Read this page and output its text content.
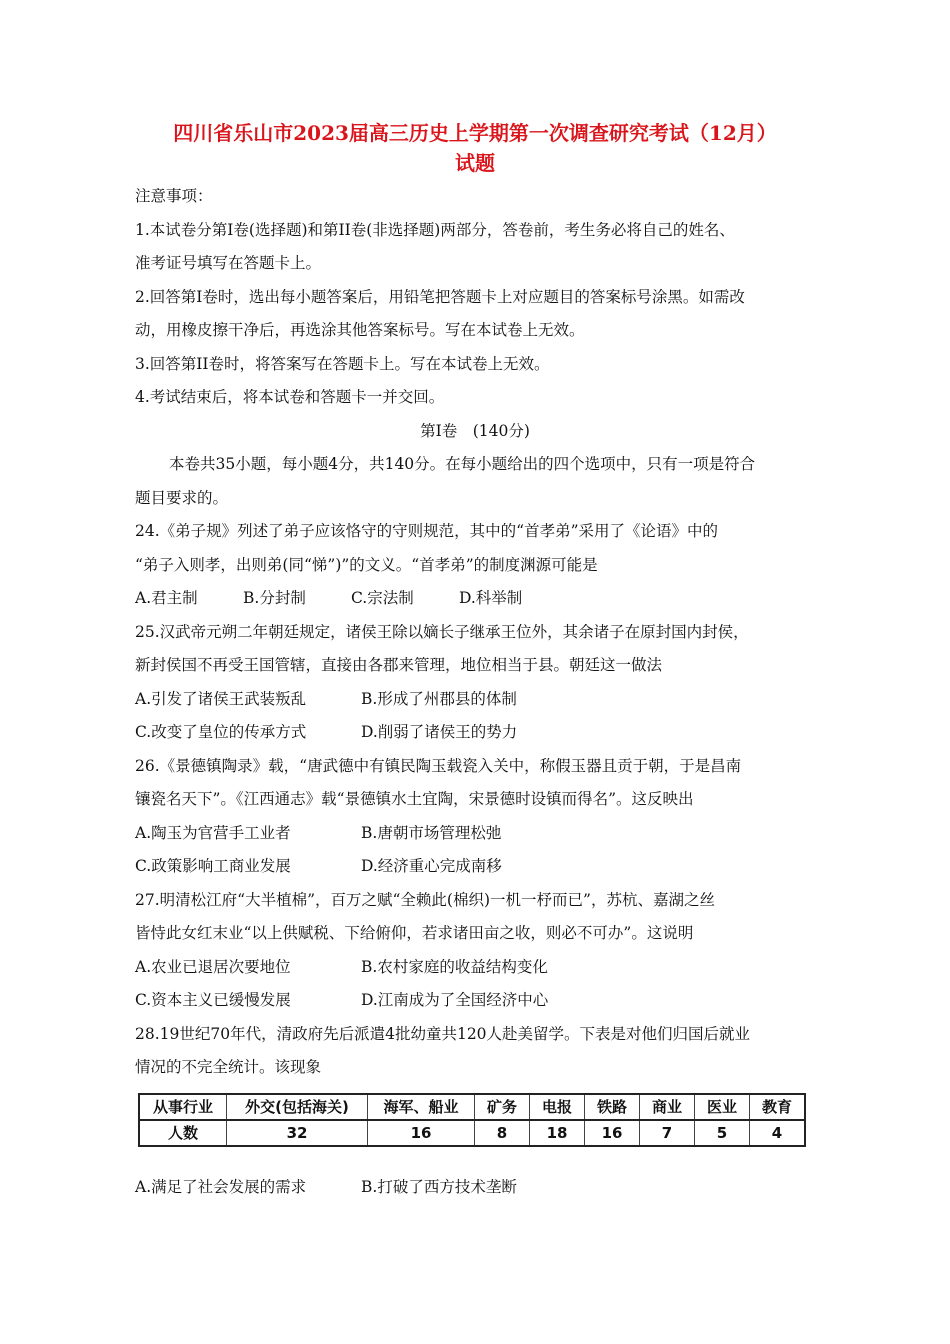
四川省乐山市2023届高三历史上学期第一次调查研究考试（12月）
试题

注意事项：

1.本试卷分第Ⅰ卷(选择题)和第II卷(非选择题)两部分，答卷前，考生务必将自己的姓名、

准考证号填写在答题卡上。

2.回答第Ⅰ卷时，选出每小题答案后，用铅笔把答题卡上对应题目的答案标号涂黑。如需改

动，用橡皮擦干净后，再选涂其他答案标号。写在本试卷上无效。

3.回答第II卷时，将答案写在答题卡上。写在本试卷上无效。

4.考试结束后，将本试卷和答题卡一并交回。

第Ⅰ卷　(140分)

本卷共35小题，每小题4分，共140分。在每小题给出的四个选项中，只有一项是符合

题目要求的。

24.《弟子规》列述了弟子应该恪守的守则规范，其中的“首孝弟”采用了《论语》中的

“弟子入则孝，出则弟(同“悌”)”的文义。“首孝弟”的制度渊源可能是

A.君主制	B.分封制	C.宗法制	D.科举制

25.汉武帝元朔二年朝廷规定，诸侯王除以嫡长子继承王位外，其余诸子在原封国内封侯，

新封侯国不再受王国管辖，直接由各郡来管理，地位相当于县。朝廷这一做法

A.引发了诸侯王武装叛乱	B.形成了州郡县的体制
C.改变了皇位的传承方式	D.削弱了诸侯王的势力

26.《景德镇陶录》载，“唐武德中有镇民陶玉载瓷入关中，称假玉器且贡于朝，于是昌南

镶瓷名天下”。《江西通志》载“景德镇水土宜陶，宋景德时设镇而得名”。这反映出

A.陶玉为官营手工业者	B.唐朝市场管理松弛
C.政策影响工商业发展	D.经济重心完成南移

27.明清松江府“大半植棉”，百万之赋“全赖此(棉织)一机一杼而已”，苏杭、嘉湖之丝

皆恃此女红末业“以上供赋税、下给俯仰，若求诸田亩之收，则必不可办”。这说明

A.农业已退居次要地位	B.农村家庭的收益结构变化
C.资本主义已缓慢发展	D.江南成为了全国经济中心

28.19世纪70年代，清政府先后派遣4批幼童共120人赴美留学。下表是对他们归国后就业

情况的不完全统计。该现象

从事行业	外交(包括海关)	海军、船业	矿务	电报	铁路	商业	医业	教育
人数	32	16	8	18	16	7	5	4
A.满足了社会发展的需求	B.打破了西方技术垄断
